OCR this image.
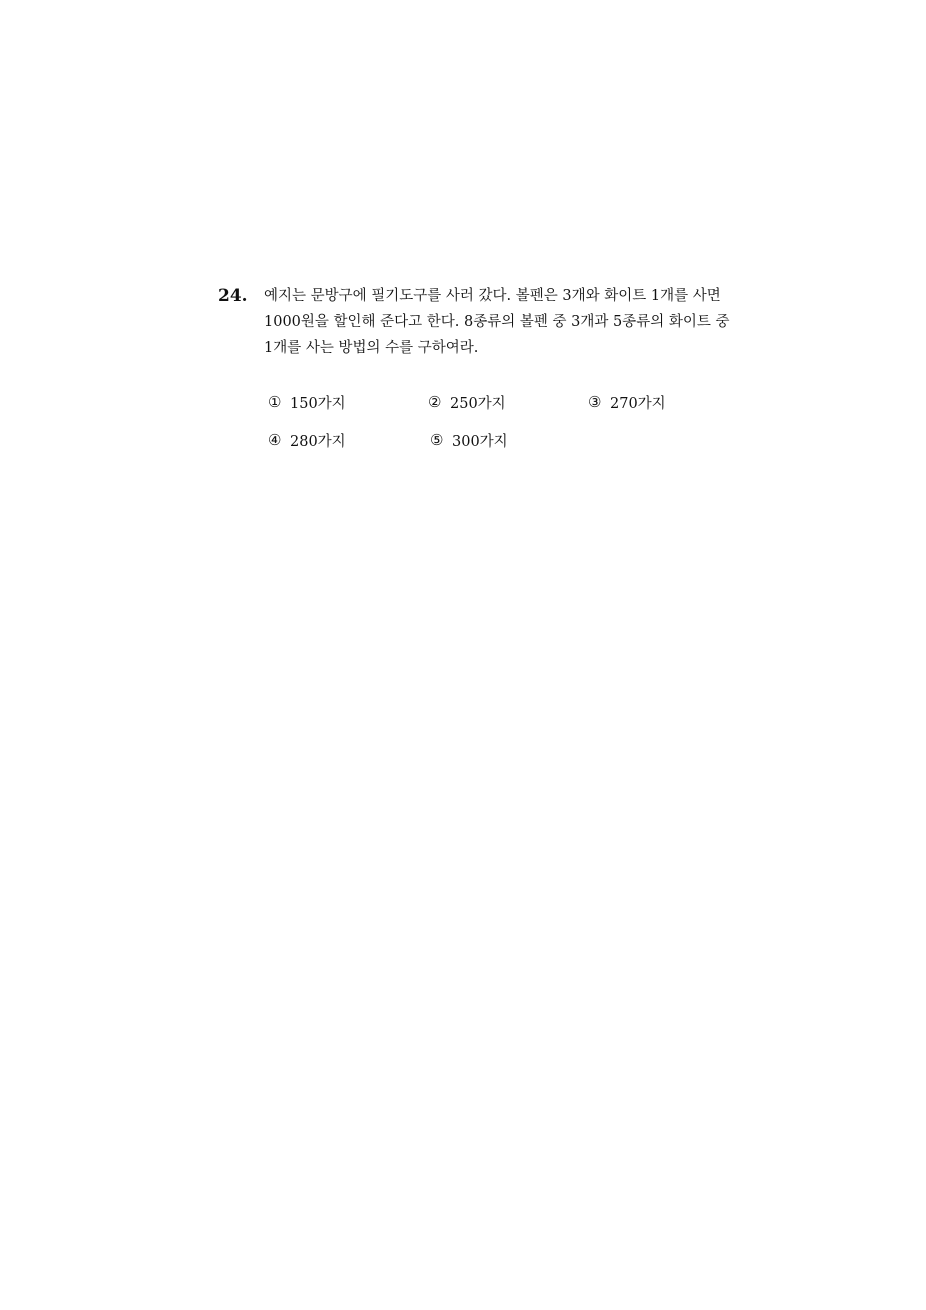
24. 예지는 문방구에 필기도구를 사러 갔다. 볼펜은 3개와 화이트 1개를 사면
1000원을 할인해 준다고 한다. 8종류의 볼펜 중 3개과 5종류의 화이트 중
1개를 사는 방법의 수를 구하여라.
① 150가지	② 250가지	③ 270가지
④ 280가지	⑤ 300가지
